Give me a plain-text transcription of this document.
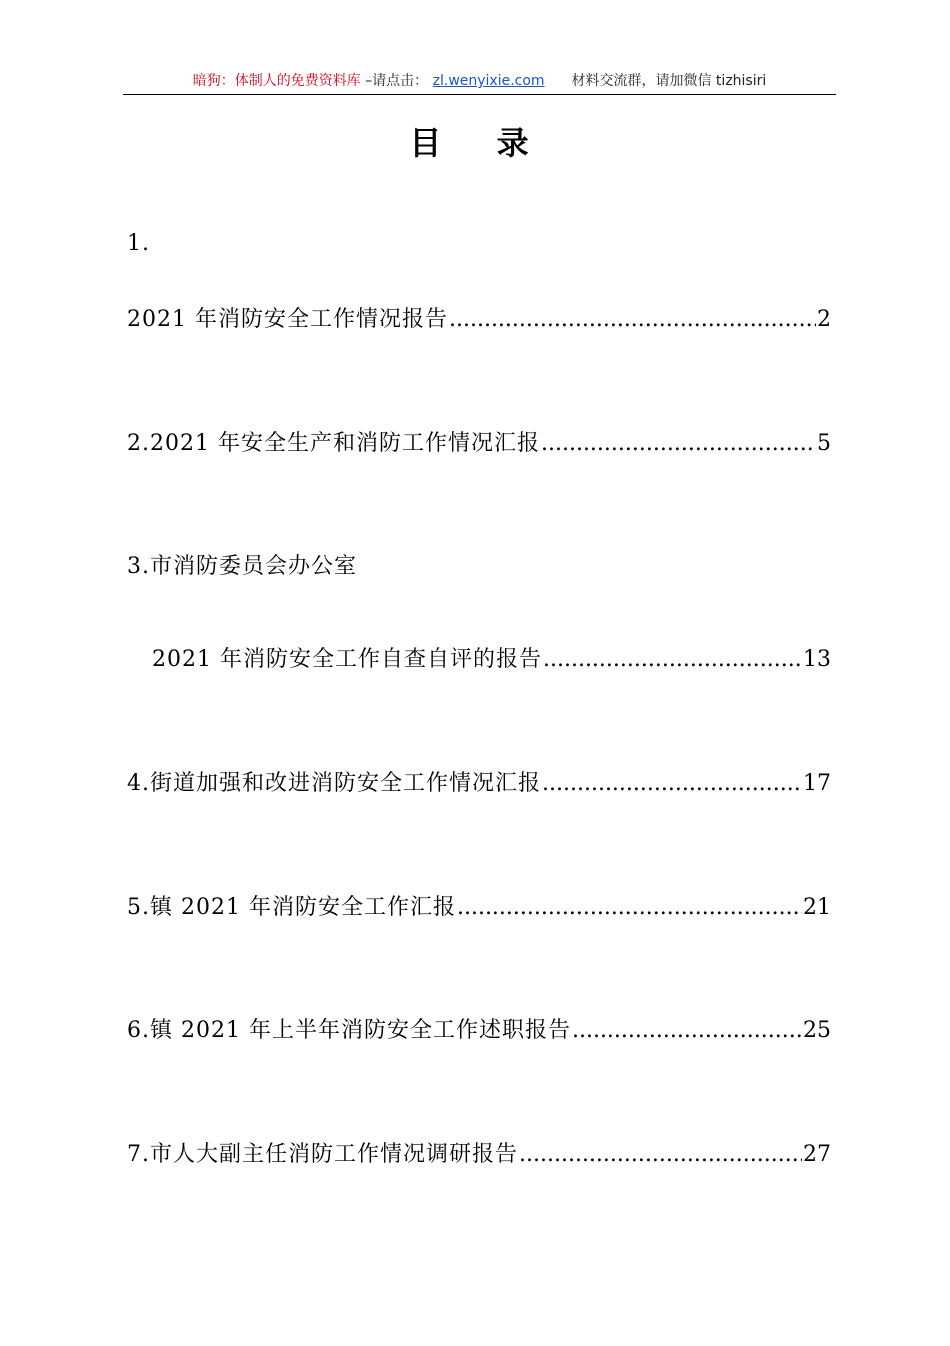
暗狗：体制人的免费资料库 –请点击： zl.wenyixie.com 材料交流群，请加微信 tizhisiri
目 录
1.
2021 年消防安全工作情况报告 .....	2
2.2021 年安全生产和消防工作情况汇报 .....	5
3.市消防委员会办公室
2021 年消防安全工作自查自评的报告 .....	13
4.街道加强和改进消防安全工作情况汇报 .....	17
5.镇 2021 年消防安全工作汇报 .....	21
6.镇 2021 年上半年消防安全工作述职报告 .....	25
7.市人大副主任消防工作情况调研报告 .....	27
